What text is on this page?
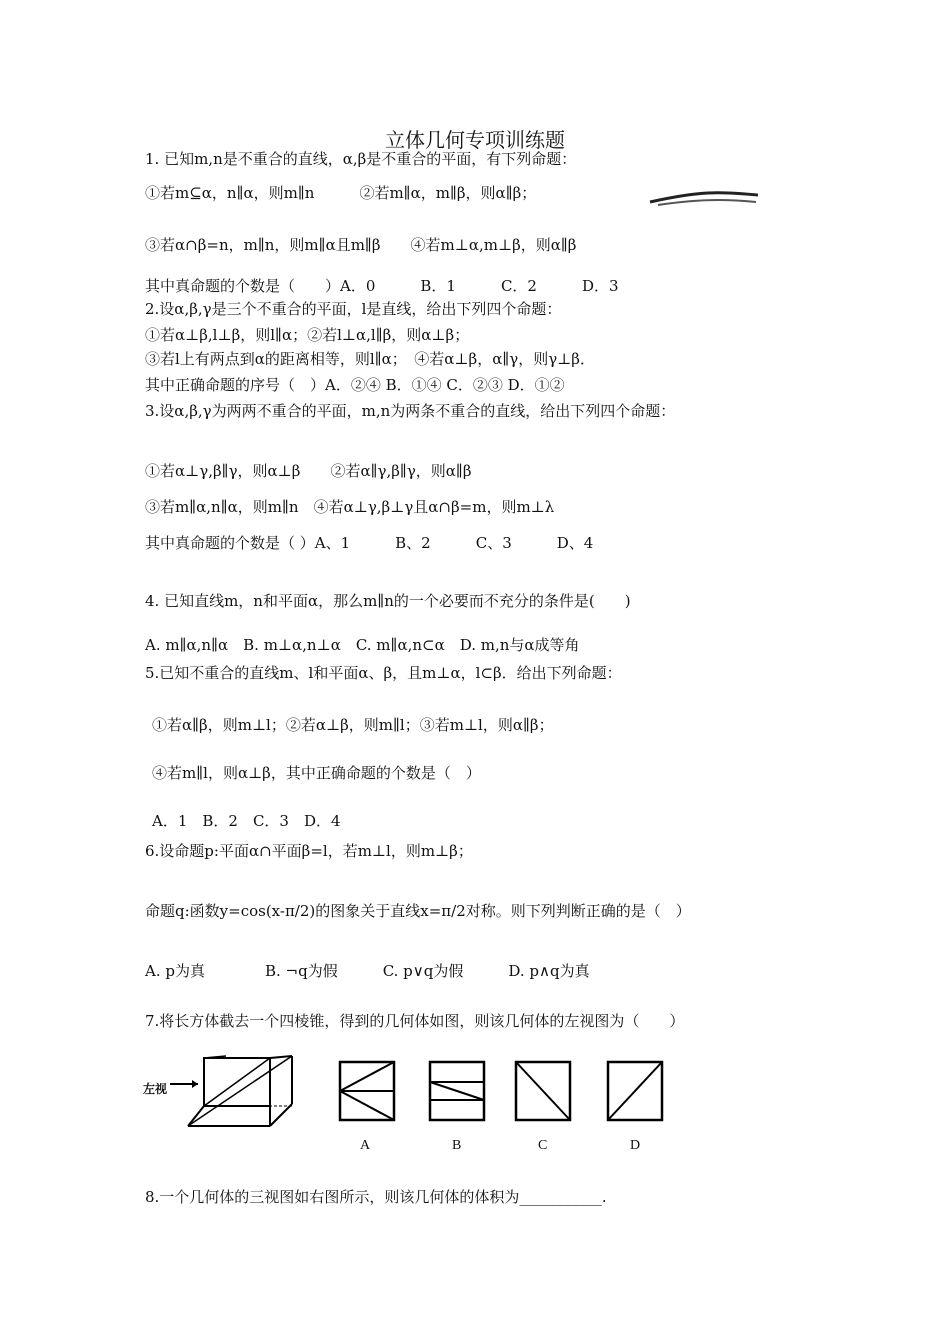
立体几何专项训练题
1. 已知m,n是不重合的直线，α,β是不重合的平面，有下列命题：
①若m⊆α，n∥α，则m∥n　　　②若m∥α，m∥β，则α∥β；
③若α∩β=n，m∥n，则m∥α且m∥β　　④若m⊥α,m⊥β，则α∥β
其中真命题的个数是（　　）A．0　　　B．1　　　C．2　　　D．3
2.设α,β,γ是三个不重合的平面，l是直线，给出下列四个命题：
①若α⊥β,l⊥β，则l∥α；②若l⊥α,l∥β，则α⊥β；
③若l上有两点到α的距离相等，则l∥α；　④若α⊥β，α∥γ，则γ⊥β．
其中正确命题的序号（　）A．②④ B．①④ C．②③ D．①②
3.设α,β,γ为两两不重合的平面，m,n为两条不重合的直线，给出下列四个命题：
①若α⊥γ,β∥γ，则α⊥β　　②若α∥γ,β∥γ，则α∥β
③若m∥α,n∥α，则m∥n　④若α⊥γ,β⊥γ且α∩β=m，则m⊥λ
其中真命题的个数是（ ）A、1　　　B、2　　　C、3　　　D、4
4. 已知直线m，n和平面α，那么m∥n的一个必要而不充分的条件是(　　)
A. m∥α,n∥α　B. m⊥α,n⊥α　C. m∥α,n⊂α　D. m,n与α成等角
5.已知不重合的直线m、l和平面α、β，且m⊥α，l⊂β．给出下列命题：
①若α∥β，则m⊥l；②若α⊥β，则m∥l；③若m⊥l，则α∥β；
④若m∥l，则α⊥β，其中正确命题的个数是（　）
A．1　B．2　C．3　D．4
6.设命题p:平面α∩平面β=l，若m⊥l，则m⊥β；
命题q:函数y=cos(x-π/2)的图象关于直线x=π/2对称。则下列判断正确的是（　）
A. p为真　　　　B. ¬q为假　　　C. p∨q为假　　　D. p∧q为真
7.将长方体截去一个四棱锥，得到的几何体如图，则该几何体的左视图为（　　）
左视
A	B	C	D
8.一个几何体的三视图如右图所示，则该几何体的体积为___________.
